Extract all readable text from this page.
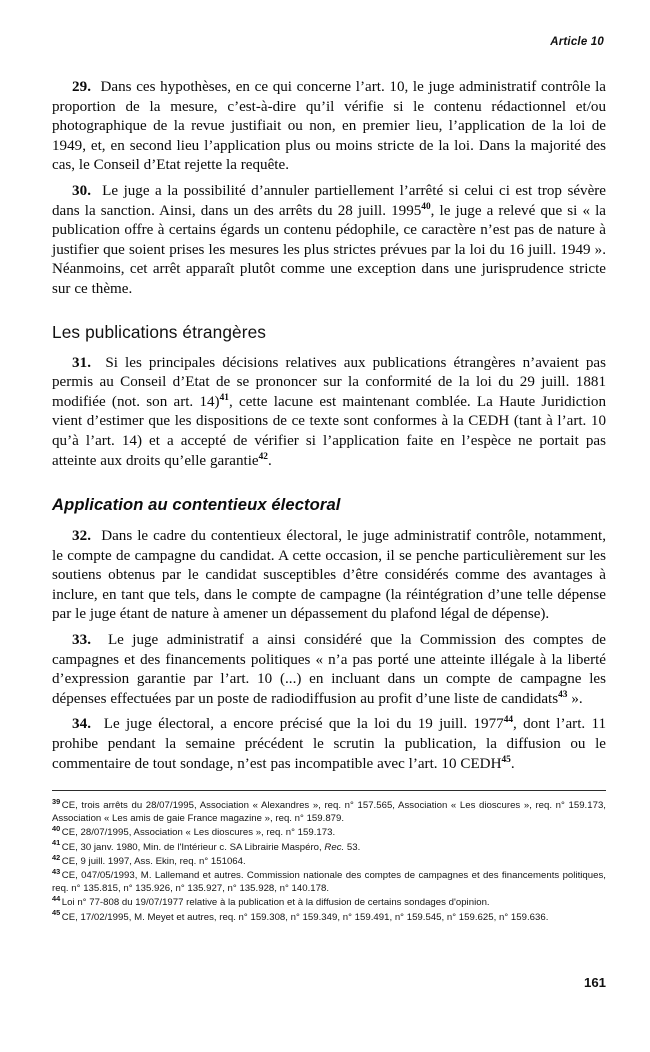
Article 10

29. Dans ces hypothèses, en ce qui concerne l’art. 10, le juge administratif contrôle la proportion de la mesure, c’est-à-dire qu’il vérifie si le contenu rédactionnel et/ou photographique de la revue justifiait ou non, en premier lieu, l’application de la loi de 1949, et, en second lieu l’application plus ou moins stricte de la loi. Dans la majorité des cas, le Conseil d’Etat rejette la requête.

30. Le juge a la possibilité d’annuler partiellement l’arrêté si celui ci est trop sévère dans la sanction. Ainsi, dans un des arrêts du 28 juill. 1995$^{40}$, le juge a relevé que si « la publication offre à certains égards un contenu pédophile, ce caractère n’est pas de nature à justifier que soient prises les mesures les plus strictes prévues par la loi du 16 juill. 1949 ». Néanmoins, cet arrêt apparaît plutôt comme une exception dans une jurisprudence stricte sur ce thème.

Les publications étrangères

31. Si les principales décisions relatives aux publications étrangères n’avaient pas permis au Conseil d’Etat de se prononcer sur la conformité de la loi du 29 juill. 1881 modifiée (not. son art. 14)$^{41}$, cette lacune est maintenant comblée. La Haute Juridiction vient d’estimer que les dispositions de ce texte sont conformes à la CEDH (tant à l’art. 10 qu’à l’art. 14) et a accepté de vérifier si l’application faite en l’espèce ne portait pas atteinte aux droits qu’elle garantie$^{42}$.

Application au contentieux électoral

32. Dans le cadre du contentieux électoral, le juge administratif contrôle, notamment, le compte de campagne du candidat. A cette occasion, il se penche particulièrement sur les soutiens obtenus par le candidat susceptibles d’être considérés comme des avantages à inclure, en tant que tels, dans le compte de campagne (la réintégration d’une telle dépense par le juge étant de nature à amener un dépassement du plafond légal de dépense).

33. Le juge administratif a ainsi considéré que la Commission des comptes de campagnes et des financements politiques « n’a pas porté une atteinte illégale à la liberté d’expression garantie par l’art. 10 (...) en incluant dans un compte de campagne les dépenses effectuées par un poste de radiodiffusion au profit d’une liste de candidats$^{43}$ ».

34. Le juge électoral, a encore précisé que la loi du 19 juill. 1977$^{44}$, dont l’art. 11 prohibe pendant la semaine précédent le scrutin la publication, la diffusion ou le commentaire de tout sondage, n’est pas incompatible avec l’art. 10 CEDH$^{45}$.

$^{39}$ CE, trois arrêts du 28/07/1995, Association « Alexandres », req. n° 157.565, Association « Les dioscures », req. n° 159.173, Association « Les amis de gaie France magazine », req. n° 159.879.

$^{40}$ CE, 28/07/1995, Association « Les dioscures », req. n° 159.173.

$^{41}$ CE, 30 janv. 1980, Min. de l'Intérieur c. SA Librairie Maspéro, Rec. 53.

$^{42}$ CE, 9 juill. 1997, Ass. Ekin, req. n° 151064.

$^{43}$ CE, 047/05/1993, M. Lallemand et autres. Commission nationale des comptes de campagnes et des financements politiques, req. n° 135.815, n° 135.926, n° 135.927, n° 135.928, n° 140.178.

$^{44}$ Loi n° 77-808 du 19/07/1977 relative à la publication et à la diffusion de certains sondages d'opinion.

$^{45}$ CE, 17/02/1995, M. Meyet et autres, req. n° 159.308, n° 159.349, n° 159.491, n° 159.545, n° 159.625, n° 159.636.

161
